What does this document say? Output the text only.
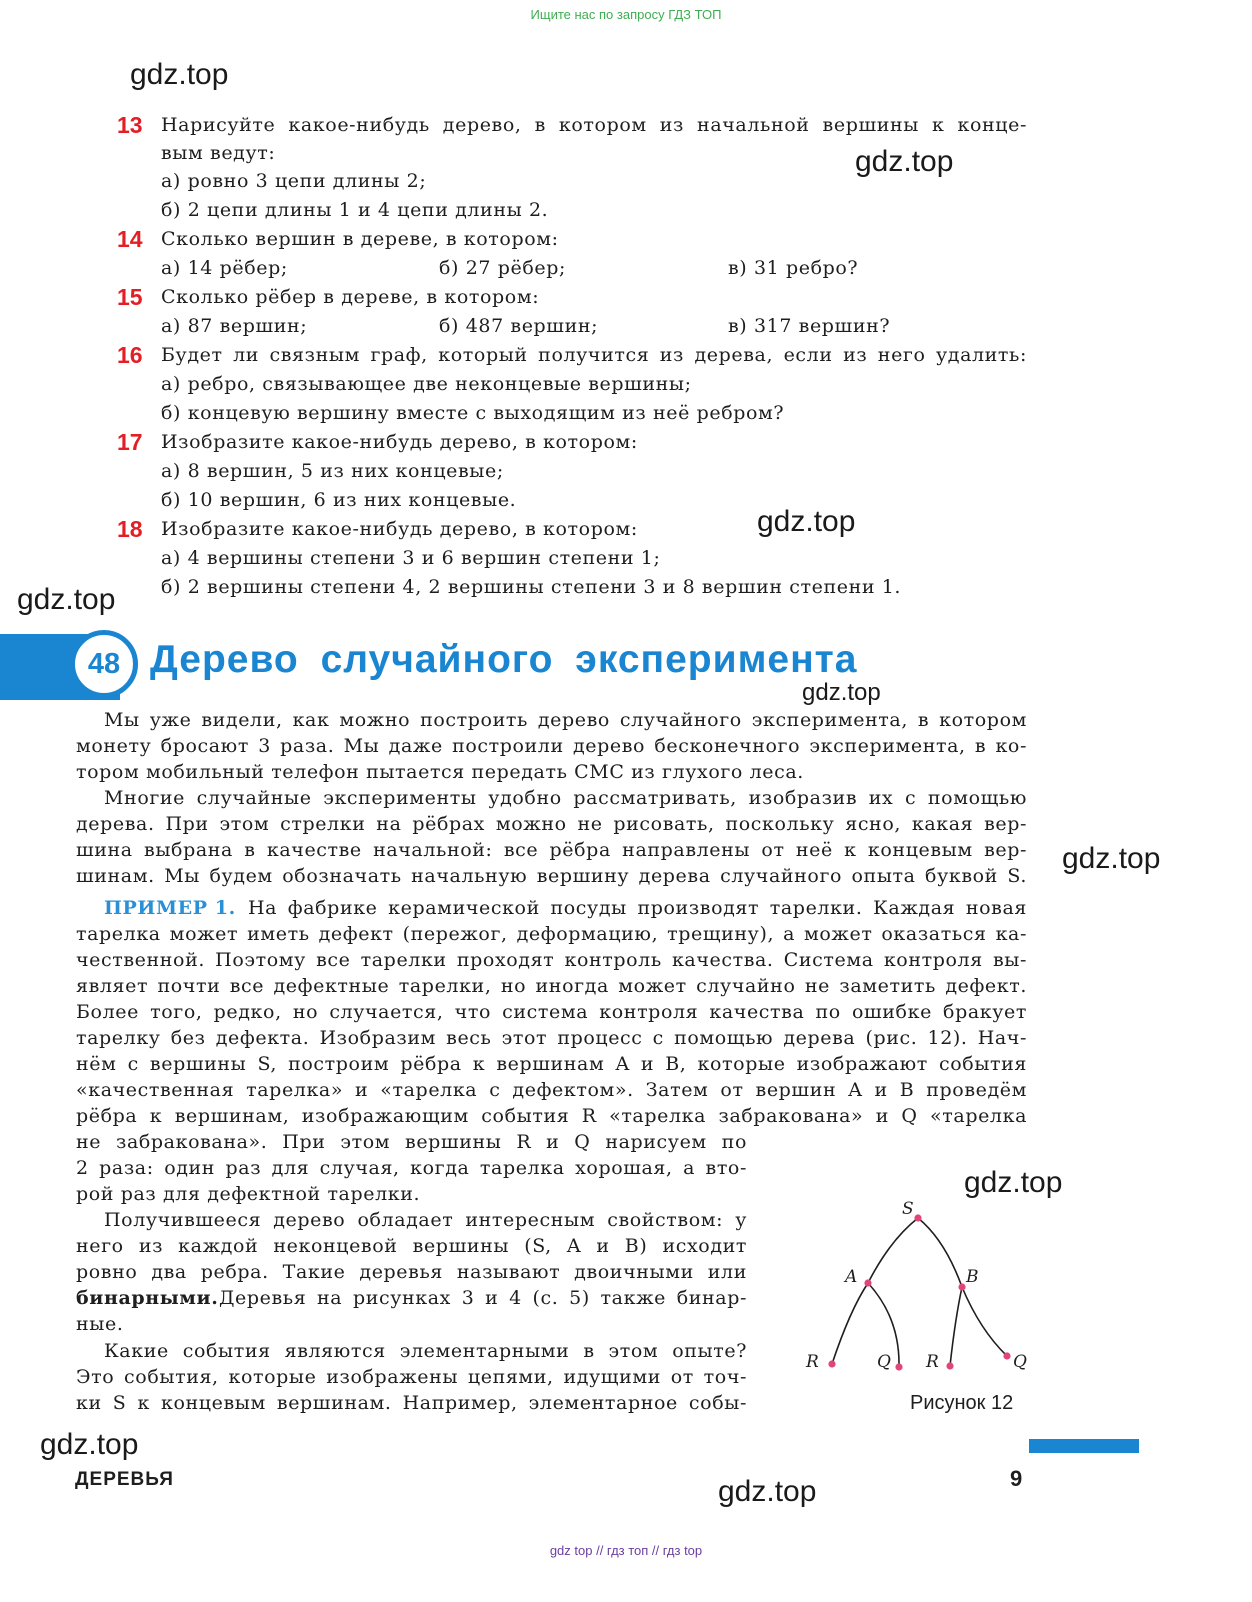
Ищите нас по запросу ГДЗ ТОП
gdz.top
gdz.top
gdz.top
gdz.top
gdz.top
gdz.top
gdz.top
gdz.top
gdz.top
13 Нарисуйте какое-нибудь дерево, в котором из начальной вершины к конце-
вым ведут:
а) ровно 3 цепи длины 2;
б) 2 цепи длины 1 и 4 цепи длины 2.
14 Сколько вершин в дереве, в котором:
а) 14 рёбер;	б) 27 рёбер;	в) 31 ребро?
15 Сколько рёбер в дереве, в котором:
а) 87 вершин;	б) 487 вершин;	в) 317 вершин?
16 Будет ли связным граф, который получится из дерева, если из него удалить:
а) ребро, связывающее две неконцевые вершины;
б) концевую вершину вместе с выходящим из неё ребром?
17 Изобразите какое-нибудь дерево, в котором:
а) 8 вершин, 5 из них концевые;
б) 10 вершин, 6 из них концевые.
18 Изобразите какое-нибудь дерево, в котором:
а) 4 вершины степени 3 и 6 вершин степени 1;
б) 2 вершины степени 4, 2 вершины степени 3 и 8 вершин степени 1.
48 Дерево случайного эксперимента
Мы уже видели, как можно построить дерево случайного эксперимента, в котором
монету бросают 3 раза. Мы даже построили дерево бесконечного эксперимента, в ко-
тором мобильный телефон пытается передать СМС из глухого леса.
Многие случайные эксперименты удобно рассматривать, изобразив их с помощью
дерева. При этом стрелки на рёбрах можно не рисовать, поскольку ясно, какая вер-
шина выбрана в качестве начальной: все рёбра направлены от неё к концевым вер-
шинам. Мы будем обозначать начальную вершину дерева случайного опыта буквой S.
ПРИМЕР 1. На фабрике керамической посуды производят тарелки. Каждая новая
тарелка может иметь дефект (пережог, деформацию, трещину), а может оказаться ка-
чественной. Поэтому все тарелки проходят контроль качества. Система контроля вы-
являет почти все дефектные тарелки, но иногда может случайно не заметить дефект.
Более того, редко, но случается, что система контроля качества по ошибке бракует
тарелку без дефекта. Изобразим весь этот процесс с помощью дерева (рис. 12). Нач-
нём с вершины S, построим рёбра к вершинам A и B, которые изображают события
«качественная тарелка» и «тарелка с дефектом». Затем от вершин A и B проведём
рёбра к вершинам, изображающим события R «тарелка забракована» и Q «тарелка
не забракована». При этом вершины R и Q нарисуем по
2 раза: один раз для случая, когда тарелка хорошая, а вто-
рой раз для дефектной тарелки.
Получившееся дерево обладает интересным свойством: у
него из каждой неконцевой вершины (S, A и B) исходит
ровно два ребра. Такие деревья называют двоичными или
бинарными. Деревья на рисунках 3 и 4 (с. 5) также бинар-
ные.
Какие события являются элементарными в этом опыте?
Это события, которые изображены цепями, идущими от точ-
ки S к концевым вершинам. Например, элементарное собы-
S
A	B
R	Q R	Q
Рисунок 12
ДЕРЕВЬЯ	9
gdz top // гдз топ // гдз top
